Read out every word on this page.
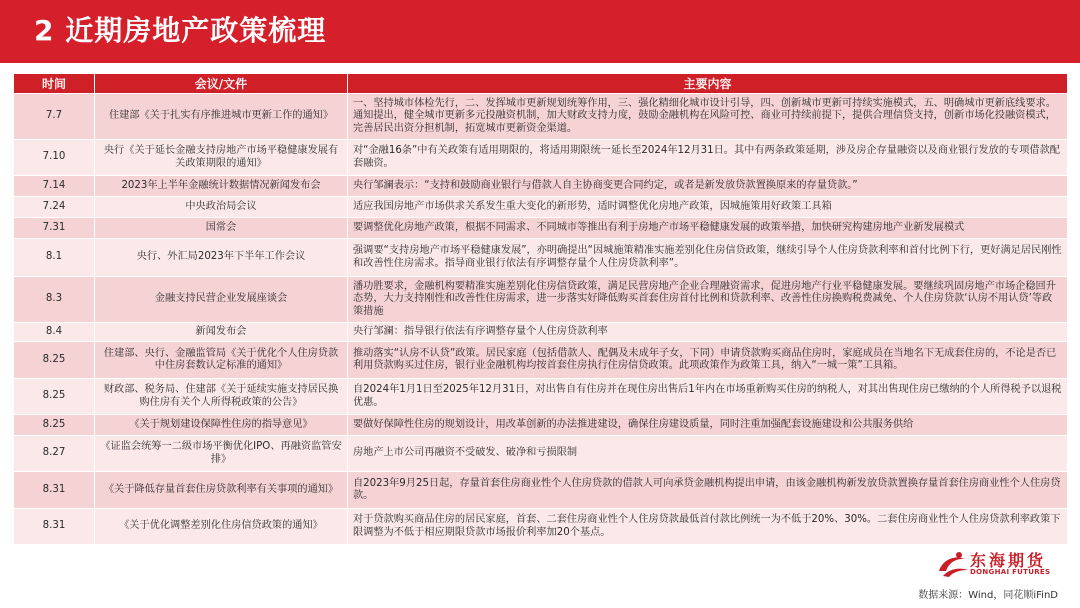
2 近期房地产政策梳理
时间	会议/文件	主要内容
7.7	住建部《关于扎实有序推进城市更新工作的通知》	一、坚持城市体检先行，二、发挥城市更新规划统筹作用，三、强化精细化城市设计引导，四、创新城市更新可持续实施模式，五、明确城市更新底线要求。通知提出，健全城市更新多元投融资机制，加大财政支持力度，鼓励金融机构在风险可控、商业可持续前提下，提供合理信贷支持，创新市场化投融资模式，完善居民出资分担机制，拓宽城市更新资金渠道。
7.10	央行《关于延长金融支持房地产市场平稳健康发展有关政策期限的通知》	对“金融16条”中有关政策有适用期限的，将适用期限统一延长至2024年12月31日。其中有两条政策延期，涉及房企存量融资以及商业银行发放的专项借款配套融资。
7.14	2023年上半年金融统计数据情况新闻发布会	央行邹澜表示：“支持和鼓励商业银行与借款人自主协商变更合同约定，或者是新发放贷款置换原来的存量贷款。”
7.24	中央政治局会议	适应我国房地产市场供求关系发生重大变化的新形势，适时调整优化房地产政策，因城施策用好政策工具箱
7.31	国常会	要调整优化房地产政策，根据不同需求、不同城市等推出有利于房地产市场平稳健康发展的政策举措，加快研究构建房地产业新发展模式
8.1	央行、外汇局2023年下半年工作会议	强调要“支持房地产市场平稳健康发展”，亦明确提出“因城施策精准实施差别化住房信贷政策，继续引导个人住房贷款利率和首付比例下行，更好满足居民刚性和改善性住房需求。指导商业银行依法有序调整存量个人住房贷款利率”。
8.3	金融支持民营企业发展座谈会	潘功胜要求，金融机构要精准实施差别化住房信贷政策，满足民营房地产企业合理融资需求，促进房地产行业平稳健康发展。要继续巩固房地产市场企稳回升态势，大力支持刚性和改善性住房需求，进一步落实好降低购买首套住房首付比例和贷款利率、改善性住房换购税费减免、个人住房贷款‘认房不用认贷’等政策措施
8.4	新闻发布会	央行邹澜：指导银行依法有序调整存量个人住房贷款利率
8.25	住建部、央行、金融监管局《关于优化个人住房贷款中住房套数认定标准的通知》	推动落实“认房不认贷”政策。居民家庭（包括借款人、配偶及未成年子女，下同）申请贷款购买商品住房时，家庭成员在当地名下无成套住房的，不论是否已利用贷款购买过住房，银行业金融机构均按首套住房执行住房信贷政策。此项政策作为政策工具，纳入“一城一策”工具箱。
8.25	财政部、税务局、住建部《关于延续实施支持居民换购住房有关个人所得税政策的公告》	自2024年1月1日至2025年12月31日，对出售自有住房并在现住房出售后1年内在市场重新购买住房的纳税人，对其出售现住房已缴纳的个人所得税予以退税优惠。
8.25	《关于规划建设保障性住房的指导意见》	要做好保障性住房的规划设计，用改革创新的办法推进建设，确保住房建设质量，同时注重加强配套设施建设和公共服务供给
8.27	《证监会统筹一二级市场平衡优化IPO、再融资监管安排》	房地产上市公司再融资不受破发、破净和亏损限制
8.31	《关于降低存量首套住房贷款利率有关事项的通知》	自2023年9月25日起，存量首套住房商业性个人住房贷款的借款人可向承贷金融机构提出申请，由该金融机构新发放贷款置换存量首套住房商业性个人住房贷款。
8.31	《关于优化调整差别化住房信贷政策的通知》	对于贷款购买商品住房的居民家庭，首套、二套住房商业性个人住房贷款最低首付款比例统一为不低于20%、30%。二套住房商业性个人住房贷款利率政策下限调整为不低于相应期限贷款市场报价利率加20个基点。
东海期货
DONGHAI FUTURES
数据来源：Wind，同花顺iFinD
